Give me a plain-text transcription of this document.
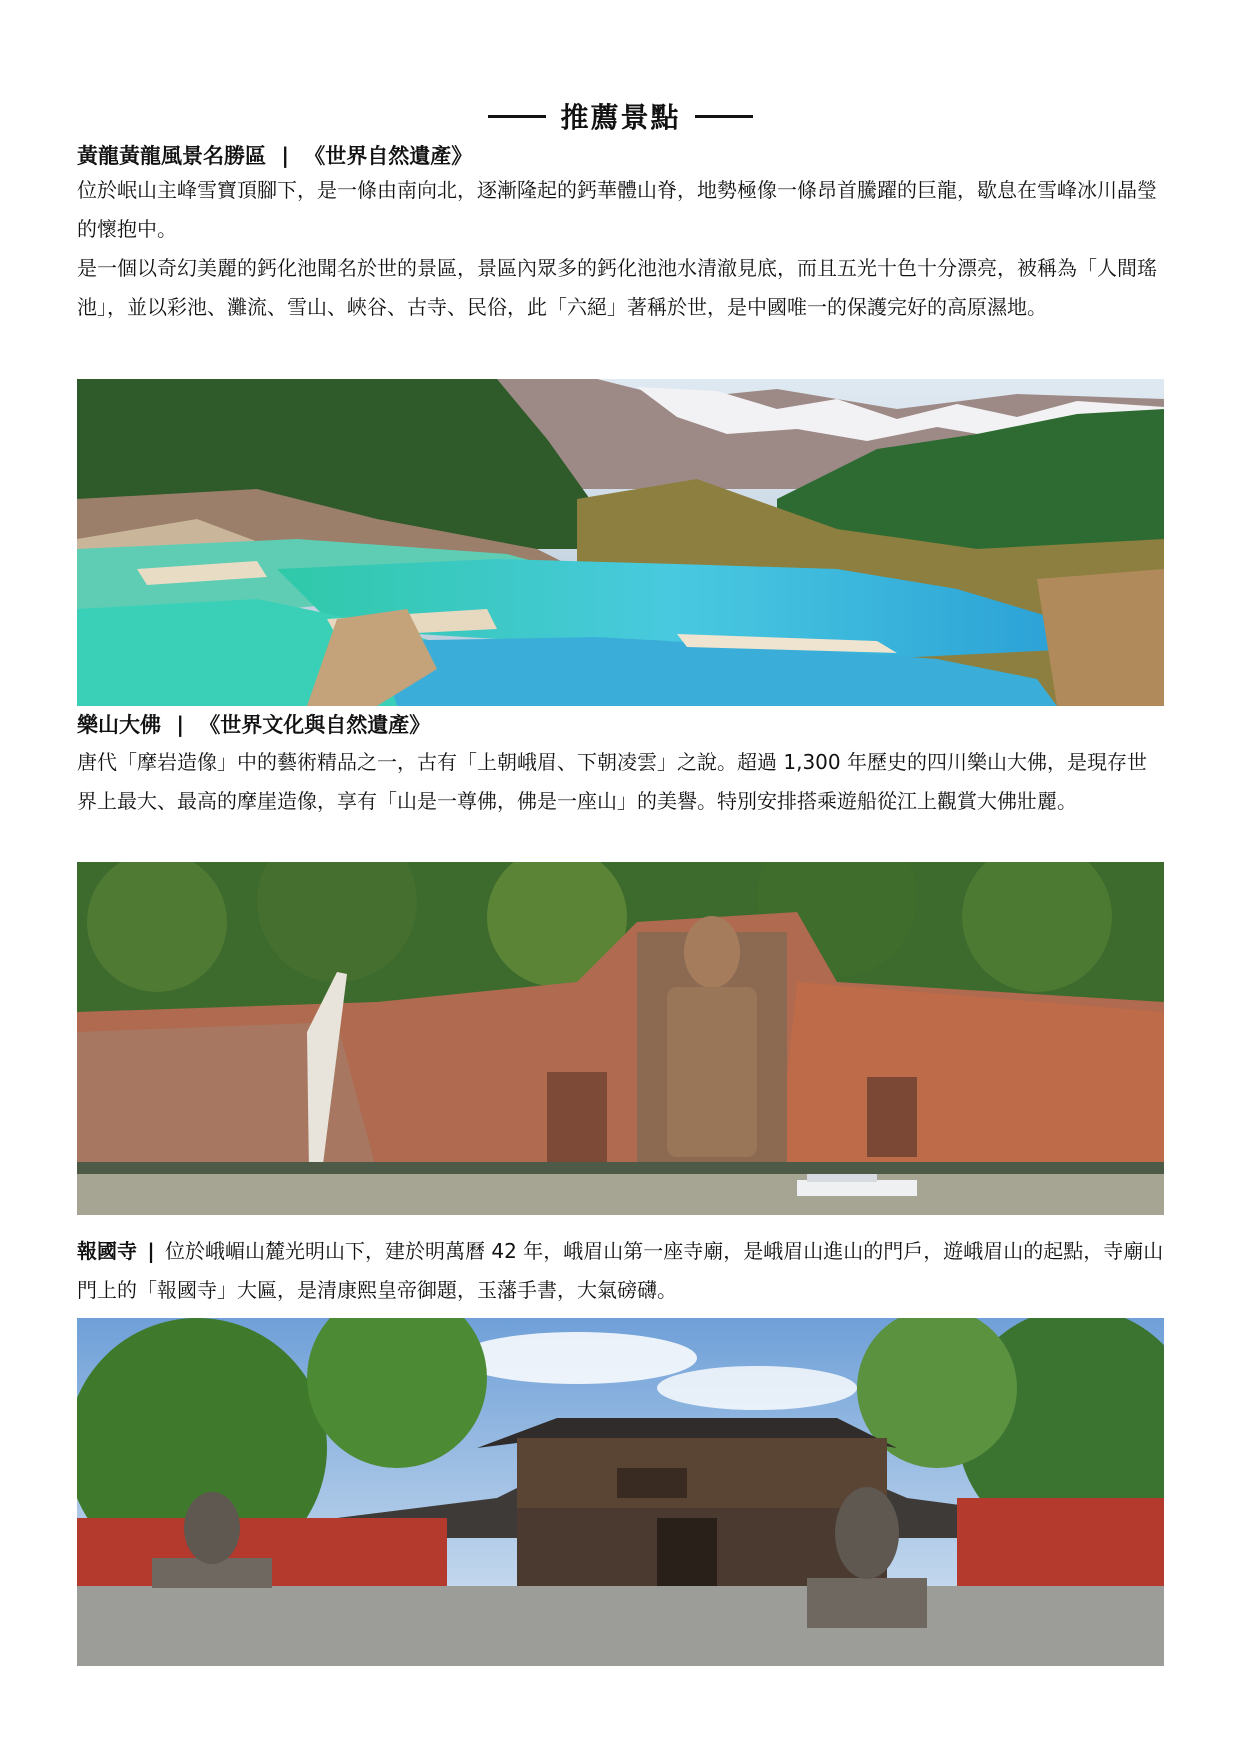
推薦景點
黃龍黃龍風景名勝區 | 《世界自然遺產》
位於岷山主峰雪寶頂腳下，是一條由南向北，逐漸隆起的鈣華體山脊，地勢極像一條昂首騰躍的巨龍，歇息在雪峰冰川晶瑩的懷抱中。
是一個以奇幻美麗的鈣化池聞名於世的景區，景區內眾多的鈣化池池水清澈見底，而且五光十色十分漂亮，被稱為「人間瑤池」，並以彩池、灘流、雪山、峽谷、古寺、民俗，此「六絕」著稱於世，是中國唯一的保護完好的高原濕地。
樂山大佛 | 《世界文化與自然遺產》
唐代「摩岩造像」中的藝術精品之一，古有「上朝峨眉、下朝凌雲」之說。超過 1,300 年歷史的四川樂山大佛，是現存世界上最大、最高的摩崖造像，享有「山是一尊佛，佛是一座山」的美譽。特別安排搭乘遊船從江上觀賞大佛壯麗。
報國寺 | 位於峨嵋山麓光明山下，建於明萬曆 42 年，峨眉山第一座寺廟，是峨眉山進山的門戶，遊峨眉山的起點，寺廟山門上的「報國寺」大匾，是清康熙皇帝御題，玉藩手書，大氣磅礴。
